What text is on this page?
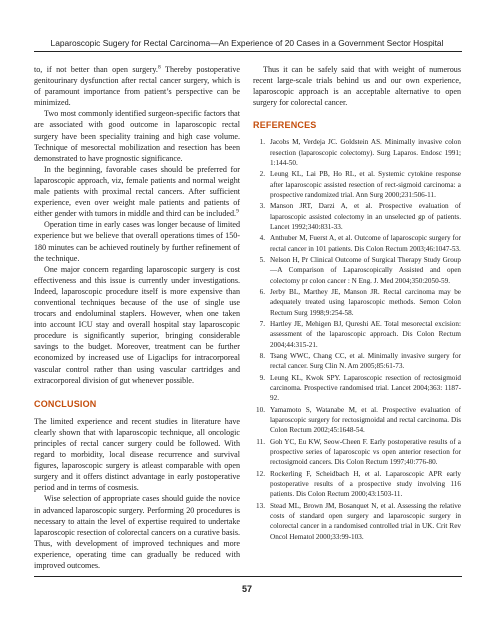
Laparoscopic Sugery for Rectal Carcinoma—An Experience of 20 Cases in a Government Sector Hospital

to, if not better than open surgery.$^8$ Thereby postoperative genitourinary dysfunction after rectal cancer surgery, which is of paramount importance from patient’s perspective can be minimized.

Two most commonly identified surgeon-specific factors that are associated with good outcome in laparoscopic rectal surgery have been speciality training and high case volume. Technique of mesorectal mobilization and resection has been demonstrated to have prognostic significance.

In the beginning, favorable cases should be preferred for laparoscopic approach, viz, female patients and normal weight male patients with proximal rectal cancers. After sufficient experience, even over weight male patients and patients of either gender with tumors in middle and third can be included.$^9$

Operation time in early cases was longer because of limited experience but we believe that overall operations times of 150-180 minutes can be achieved routinely by further refinement of the technique.

One major concern regarding laparoscopic surgery is cost effectiveness and this issue is currently under investigations. Indeed, laparoscopic procedure itself is more expensive than conventional techniques because of the use of single use trocars and endoluminal staplers. However, when one taken into account ICU stay and overall hospital stay laparoscopic procedure is significantly superior, bringing considerable savings to the budget. Moreover, treatment can be further economized by increased use of Ligaclips for intracorporeal vascular control rather than using vascular cartridges and extracorporeal division of gut whenever possible.

CONCLUSION

The limited experience and recent studies in literature have clearly shown that with laparoscopic technique, all oncologic principles of rectal cancer surgery could be followed. With regard to morbidity, local disease recurrence and survival figures, laparoscopic surgery is atleast comparable with open surgery and it offers distinct advantage in early postoperative period and in terms of cosmesis.

Wise selection of appropriate cases should guide the novice in advanced laparoscopic surgery. Performing 20 procedures is necessary to attain the level of expertise required to undertake laparoscopic resection of colorectal cancers on a curative basis. Thus, with development of improved techniques and more experience, operating time can gradually be reduced with improved outcomes.

Thus it can be safely said that with weight of numerous recent large-scale trials behind us and our own experience, laparoscopic approach is an acceptable alternative to open surgery for colorectal cancer.

REFERENCES
1. Jacobs M, Verdeja JC. Goldstein AS. Minimally invasive colon resection (laparoscopic colectomy). Surg Laparos. Endosc 1991; 1:144-50.
2. Leung KL, Lai PB, Ho RL, et al. Systemic cytokine response after laparoscopic assisted resection of rect-sigmoid carcinoma: a prospective randomized trial. Ann Surg 2000;231:506-11.
3. Manson JRT, Darzi A, et al. Prospective evaluation of laparoscopic assisted colectomy in an unselected gp of patients. Lancet 1992;340:831-33.
4. Anthuber M, Fuerst A, et al. Outcome of laparoscopic surgery for rectal cancer in 101 patients. Dis Colon Rectum 2003;46:1047-53.
5. Nelson H, Pr Clinical Outcome of Surgical Therapy Study Group—A Comparison of Laparoscopically Assisted and open colectomy pr colon cancer : N Eng. J. Med 2004;350:2050-59.
6. Jerby BL, Marthey JE, Manson JR. Rectal carcinoma may be adequately treated using laparoscopic methods. Semon Colon Rectum Surg 1998;9:254-58.
7. Hartley JE, Mehigen BJ, Qureshi AE. Total mesorectal excision: assessment of the laparoscopic approach. Dis Colon Rectum 2004;44:315-21.
8. Tsang WWC, Chang CC, et al. Minimally invasive surgery for rectal cancer. Surg Clin N. Am 2005;85:61-73.
9. Leung KL, Kwok SPY. Laparoscopic resection of rectosigmoid carcinoma. Prospective randomised trial. Lancet 2004;363: 1187-92.
10. Yamamoto S, Watanabe M, et al. Prospective evaluation of laparoscopic surgery for rectosigmoidal and rectal carcinoma. Dis Colon Rectum 2002;45:1648-54.
11. Goh YC, Eu KW, Seow-Cheen F. Early postoperative results of a prospective series of laparoscopic vs open anterior resection for rectosigmoid cancers. Dis Colon Rectum 1997;40:776-80.
12. Rockerling F, Scheidbach H, et al. Laparoscopic APR early postoperative results of a prospective study involving 116 patients. Dis Colon Rectum 2000;43:1503-11.
13. Stead ML, Brown JM, Bosanquet N, et al. Assessing the relative costs of standard open surgery and laparoscopic surgery in colorectal cancer in a randomised controlled trial in UK. Crit Rev Oncol Hematol 2000;33:99-103.
57
